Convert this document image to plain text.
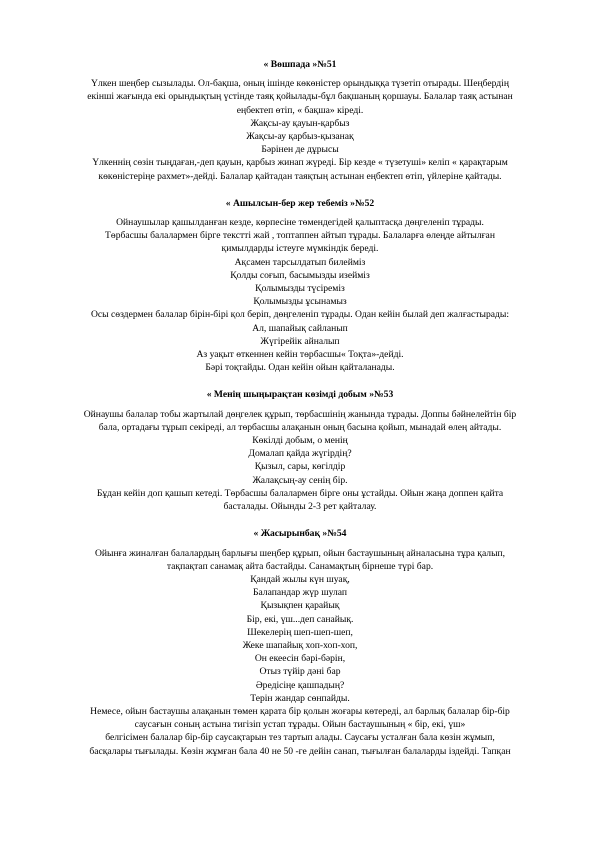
« Вөшпада »№51
Үлкен шеңбер сызылады. Ол-бақша, оның ішінде көкөністер орындыққа түзетіп отырады. Шеңбердің
екінші жағында екі орындықтың үстінде таяқ қойылады-бұл бақшаның қоршауы. Балалар таяқ астынан
еңбектеп өтіп, « бақша» кіреді.
Жақсы-ау қауын-қарбыз
Жақсы-ау қарбыз-қызанақ
Бәрінен де дұрысы
Үлкеннің сөзін тыңдаған,-деп қауын, қарбыз жинап жүреді. Бір кезде « түзетуші» келіп « қарақтарым
көкөністеріңе рахмет»-дейді. Балалар қайтадан таяқтың астынан еңбектеп өтіп, үйлеріне қайтады.
« Ашылсын-бер жер тебеміз »№52
Ойнаушылар қашылданған кезде, көрпесіне төмендегідей қалыптасқа дөңгеленіп тұрады.
Төрбасшы балалармен бірге текстті жай , топтаппен айтып тұрады. Балаларға өлеңде айтылған
қимылдарды істеуге мүмкіндік береді.
Ақсамен тарсылдатып билейміз
Қолды соғып, басымызды изейміз
Қолымызды түсіреміз
Қолымызды ұсынамыз
Осы сөздермен балалар бірін-бірі қол беріп, дөңгеленіп тұрады. Одан кейін былай деп жалғастырады:
Ал, шапайық сайланып
Жүгірейік айналып
Аз уақыт өткеннен кейін төрбасшы« Тоқта»-дейді.
Бәрі тоқтайды. Одан кейін ойын қайталанады.
« Менің шыңырақтан көзімді добым »№53
Ойнаушы балалар тобы жартылай дөңгелек құрып, төрбасшінің жанында тұрады. Доппы бәйнелейтін бір
бала, ортадағы тұрып секіреді, ал төрбасшы алақанын оның басына қойып, мынадай өлең айтады.
Көкілді добым, о менің
Домалап қайда жүгірдің?
Қызыл, сары, көгілдір
Жалақсың-ау сенің бір.
Бұдан кейін доп қашып кетеді. Төрбасшы балалармен бірге оны ұстайды. Ойын жаңа доппен қайта
басталады. Ойынды 2-3 рет қайталау.
« Жасырынбақ »№54
Ойынға жиналған балалардың барлығы шеңбер құрып, ойын бастаушының айналасына тұра қалып,
тақпақтап санамақ айта бастайды. Санамақтың бірнеше түрі бар.
Қандай жылы күн шуақ,
Балапандар жүр шулап
Қызықпен қарайық
Бір, екі, үш...деп санайық.
Шекелерің шеп-шеп-шеп,
Жеке шапайық хоп-хоп-хоп,
Он екеесін бәрі-бәрін,
Отыз түйір дәні бар
Әредісіңе қашпадың?
Терін жандар сөнпайды.
Немесе, ойын бастаушы алақанын төмен қарата бір қолын жоғары көтереді, ал барлық балалар бір-бір
саусағын соның астына тигізіп устап тұрады. Ойын бастаушының « бір, екі, үш»
белгісімен балалар бір-бір саусақтарын тез тартып алады. Саусағы усталған бала көзін жұмып,
басқалары тығылады. Көзін жұмған бала 40 не 50 -ге дейін санап, тығылған балаларды іздейді. Тапқан
